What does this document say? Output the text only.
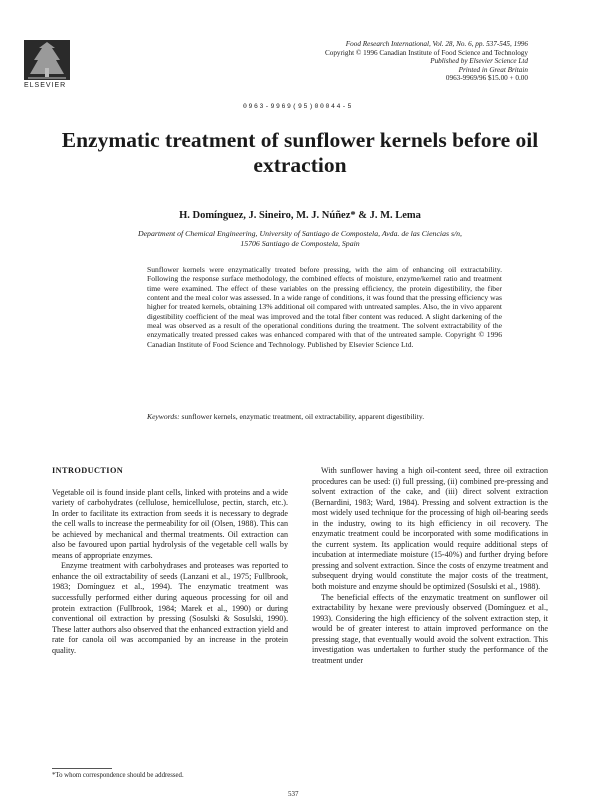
ELSEVIER
Food Research International, Vol. 28, No. 6, pp. 537-545, 1996
Copyright © 1996 Canadian Institute of Food Science and Technology
Published by Elsevier Science Ltd
Printed in Great Britain
0963-9969/96 $15.00 + 0.00
0963-9969(95)00044-5
Enzymatic treatment of sunflower kernels before oil extraction
H. Domínguez, J. Sineiro, M. J. Núñez* & J. M. Lema
Department of Chemical Engineering, University of Santiago de Compostela, Avda. de las Ciencias s/n,
15706 Santiago de Compostela, Spain
Sunflower kernels were enzymatically treated before pressing, with the aim of enhancing oil extractability. Following the response surface methodology, the combined effects of moisture, enzyme/kernel ratio and treatment time were examined. The effect of these variables on the pressing efficiency, the protein digestibility, the fiber content and the meal color was assessed. In a wide range of conditions, it was found that the pressing efficiency was higher for treated kernels, obtaining 13% additional oil compared with untreated samples. Also, the in vivo apparent digestibility coefficient of the meal was improved and the total fiber content was reduced. A slight darkening of the meal was observed as a result of the operational conditions during the treatment. The solvent extractability of the enzymatically treated pressed cakes was enhanced compared with that of the untreated sample. Copyright © 1996 Canadian Institute of Food Science and Technology. Published by Elsevier Science Ltd.
Keywords: sunflower kernels, enzymatic treatment, oil extractability, apparent digestibility.
INTRODUCTION

Vegetable oil is found inside plant cells, linked with proteins and a wide variety of carbohydrates (cellulose, hemicellulose, pectin, starch, etc.). In order to facilitate its extraction from seeds it is necessary to degrade the cell walls to increase the permeability for oil (Olsen, 1988). This can be achieved by mechanical and thermal treatments. Oil extraction can also be favoured upon partial hydrolysis of the vegetable cell walls by means of appropriate enzymes.

Enzyme treatment with carbohydrases and proteases was reported to enhance the oil extractability of seeds (Lanzani et al., 1975; Fullbrook, 1983; Domínguez et al., 1994). The enzymatic treatment was successfully performed either during aqueous processing for oil and protein extraction (Fullbrook, 1984; Marek et al., 1990) or during conventional oil extraction by pressing (Sosulski & Sosulski, 1990). These latter authors also observed that the enhanced extraction yield and rate for canola oil was accompanied by an increase in the protein quality.

With sunflower having a high oil-content seed, three oil extraction procedures can be used: (i) full pressing, (ii) combined pre-pressing and solvent extraction of the cake, and (iii) direct solvent extraction (Bernardini, 1983; Ward, 1984). Pressing and solvent extraction is the most widely used technique for the processing of high oil-bearing seeds in the industry, owing to its high efficiency in oil recovery. The enzymatic treatment could be incorporated with some modifications in the current system. Its application would require additional steps of incubation at intermediate moisture (15-40%) and further drying before pressing and solvent extraction. Since the costs of enzyme treatment and subsequent drying would constitute the major costs of the treatment, both moisture and enzyme should be optimized (Sosulski et al., 1988).

The beneficial effects of the enzymatic treatment on sunflower oil extractability by hexane were previously observed (Domínguez et al., 1993). Considering the high efficiency of the solvent extraction step, it would be of greater interest to attain improved performance on the pressing stage, that eventually would avoid the solvent extraction. This investigation was undertaken to further study the performance of the treatment under

*To whom correspondence should be addressed.
537
